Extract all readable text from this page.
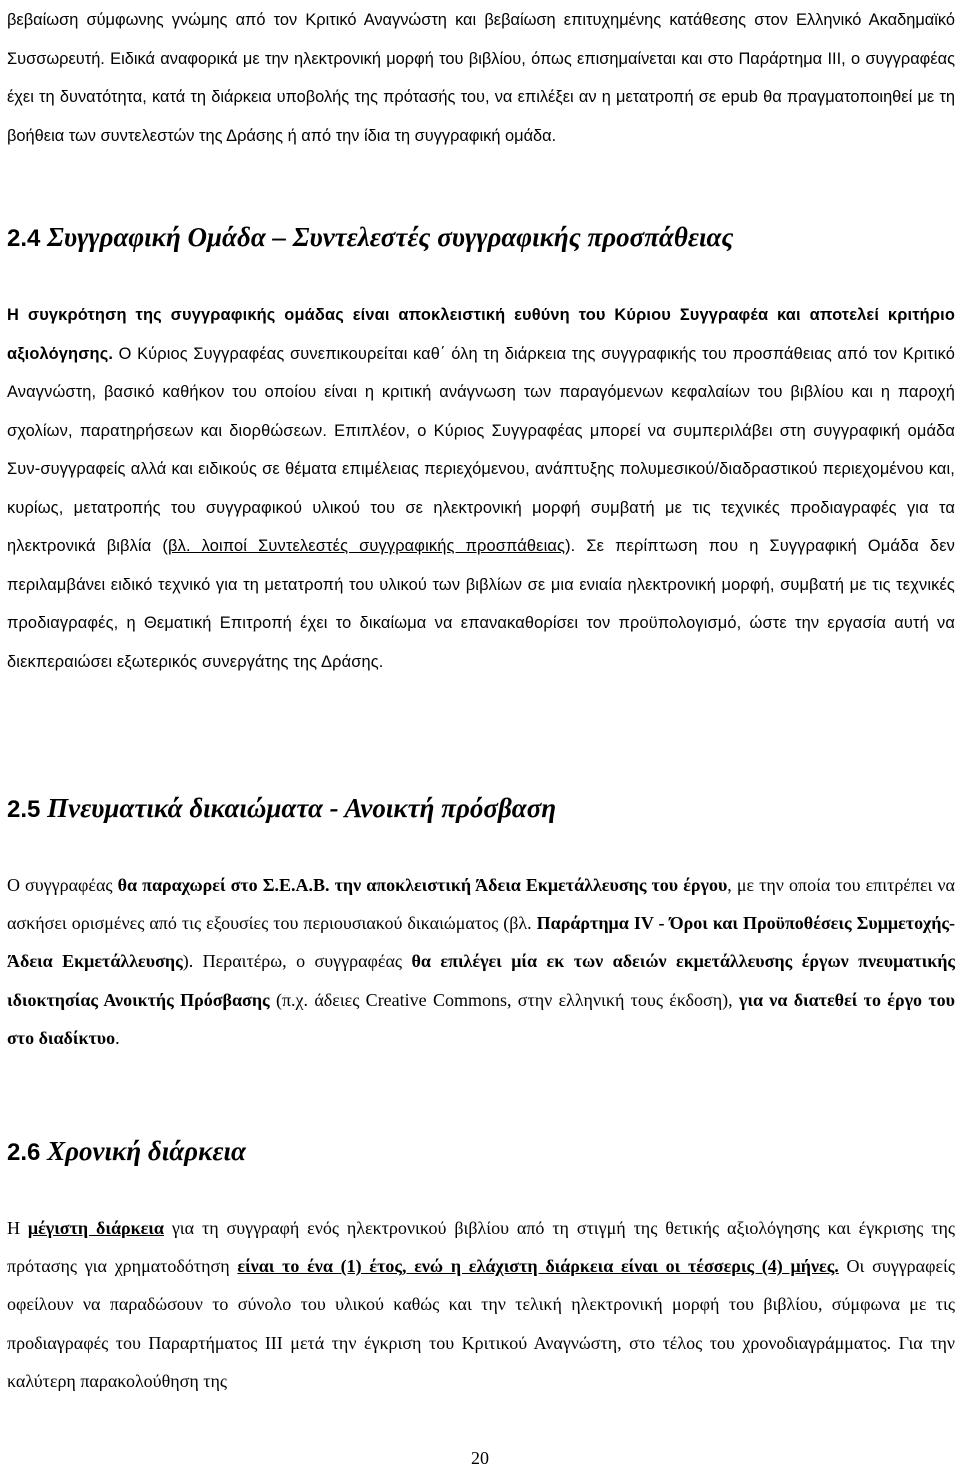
βεβαίωση σύμφωνης γνώμης από τον Κριτικό Αναγνώστη και βεβαίωση επιτυχημένης κατάθεσης στον Ελληνικό Ακαδημαϊκό Συσσωρευτή. Ειδικά αναφορικά με την ηλεκτρονική μορφή του βιβλίου, όπως επισημαίνεται και στο Παράρτημα ΙΙΙ, ο συγγραφέας έχει τη δυνατότητα, κατά τη διάρκεια υποβολής της πρότασής του, να επιλέξει αν η μετατροπή σε epub θα πραγματοποιηθεί με τη βοήθεια των συντελεστών της Δράσης ή από την ίδια τη συγγραφική ομάδα.

2.4 Συγγραφική Ομάδα – Συντελεστές συγγραφικής προσπάθειας

Η συγκρότηση της συγγραφικής ομάδας είναι αποκλειστική ευθύνη του Κύριου Συγγραφέα και αποτελεί κριτήριο αξιολόγησης. Ο Κύριος Συγγραφέας συνεπικουρείται καθ΄ όλη τη διάρκεια της συγγραφικής του προσπάθειας από τον Κριτικό Αναγνώστη, βασικό καθήκον του οποίου είναι η κριτική ανάγνωση των παραγόμενων κεφαλαίων του βιβλίου και η παροχή σχολίων, παρατηρήσεων και διορθώσεων. Επιπλέον, ο Κύριος Συγγραφέας μπορεί να συμπεριλάβει στη συγγραφική ομάδα Συν-συγγραφείς αλλά και ειδικούς σε θέματα επιμέλειας περιεχόμενου, ανάπτυξης πολυμεσικού/διαδραστικού περιεχομένου και, κυρίως, μετατροπής του συγγραφικού υλικού του σε ηλεκτρονική μορφή συμβατή με τις τεχνικές προδιαγραφές για τα ηλεκτρονικά βιβλία (βλ. λοιποί Συντελεστές συγγραφικής προσπάθειας). Σε περίπτωση που η Συγγραφική Ομάδα δεν περιλαμβάνει ειδικό τεχνικό για τη μετατροπή του υλικού των βιβλίων σε μια ενιαία ηλεκτρονική μορφή, συμβατή με τις τεχνικές προδιαγραφές, η Θεματική Επιτροπή έχει το δικαίωμα να επανακαθορίσει τον προϋπολογισμό, ώστε την εργασία αυτή να διεκπεραιώσει εξωτερικός συνεργάτης της Δράσης.

2.5 Πνευματικά δικαιώματα - Ανοικτή πρόσβαση

Ο συγγραφέας θα παραχωρεί στο Σ.Ε.Α.Β. την αποκλειστική Άδεια Εκμετάλλευσης του έργου, με την οποία του επιτρέπει να ασκήσει ορισμένες από τις εξουσίες του περιουσιακού δικαιώματος (βλ. Παράρτημα IV - Όροι και Προϋποθέσεις Συμμετοχής-Άδεια Εκμετάλλευσης). Περαιτέρω, ο συγγραφέας θα επιλέγει μία εκ των αδειών εκμετάλλευσης έργων πνευματικής ιδιοκτησίας Ανοικτής Πρόσβασης (π.χ. άδειες Creative Commons, στην ελληνική τους έκδοση), για να διατεθεί το έργο του στο διαδίκτυο.

2.6 Χρονική διάρκεια

Η μέγιστη διάρκεια για τη συγγραφή ενός ηλεκτρονικού βιβλίου από τη στιγμή της θετικής αξιολόγησης και έγκρισης της πρότασης για χρηματοδότηση είναι το ένα (1) έτος, ενώ η ελάχιστη διάρκεια είναι οι τέσσερις (4) μήνες. Οι συγγραφείς οφείλουν να παραδώσουν το σύνολο του υλικού καθώς και την τελική ηλεκτρονική μορφή του βιβλίου, σύμφωνα με τις προδιαγραφές του Παραρτήματος ΙΙΙ μετά την έγκριση του Κριτικού Αναγνώστη, στο τέλος του χρονοδιαγράμματος. Για την καλύτερη παρακολούθηση της

20
